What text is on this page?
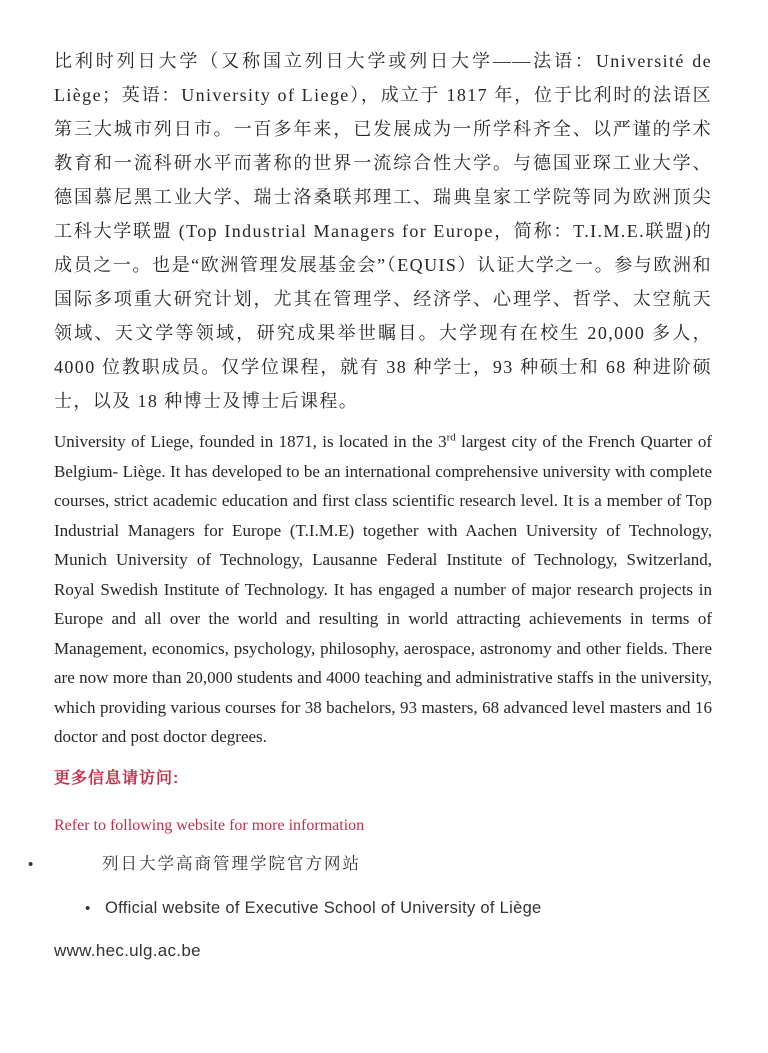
比利时列日大学（又称国立列日大学或列日大学——法语：Université de Liège；英语：University of Liege），成立于 1817 年，位于比利时的法语区第三大城市列日市。一百多年来，已发展成为一所学科齐全、以严谨的学术教育和一流科研水平而著称的世界一流综合性大学。与德国亚琛工业大学、德国慕尼黑工业大学、瑞士洛桑联邦理工、瑞典皇家工学院等同为欧洲顶尖工科大学联盟 (Top Industrial Managers for Europe，简称：T.I.M.E.联盟)的成员之一。也是“欧洲管理发展基金会”（EQUIS）认证大学之一。参与欧洲和国际多项重大研究计划，尤其在管理学、经济学、心理学、哲学、太空航天领域、天文学等领域，研究成果举世瞩目。大学现有在校生 20,000 多人，4000 位教职成员。仅学位课程，就有 38 种学士，93 种硕士和 68 种进阶硕士，以及 18 种博士及博士后课程。

University of Liege, founded in 1871, is located in the 3rd largest city of the French Quarter of Belgium- Liège. It has developed to be an international comprehensive university with complete courses, strict academic education and first class scientific research level. It is a member of Top Industrial Managers for Europe (T.I.M.E) together with Aachen University of Technology, Munich University of Technology, Lausanne Federal Institute of Technology, Switzerland, Royal Swedish Institute of Technology. It has engaged a number of major research projects in Europe and all over the world and resulting in world attracting achievements in terms of Management, economics, psychology, philosophy, aerospace, astronomy and other fields. There are now more than 20,000 students and 4000 teaching and administrative staffs in the university, which providing various courses for 38 bachelors, 93 masters, 68 advanced level masters and 16 doctor and post doctor degrees.

更多信息请访问:

Refer to following website for more information

•	列日大学高商管理学院官方网站
• Official website of Executive School of University of Liège

www.hec.ulg.ac.be
